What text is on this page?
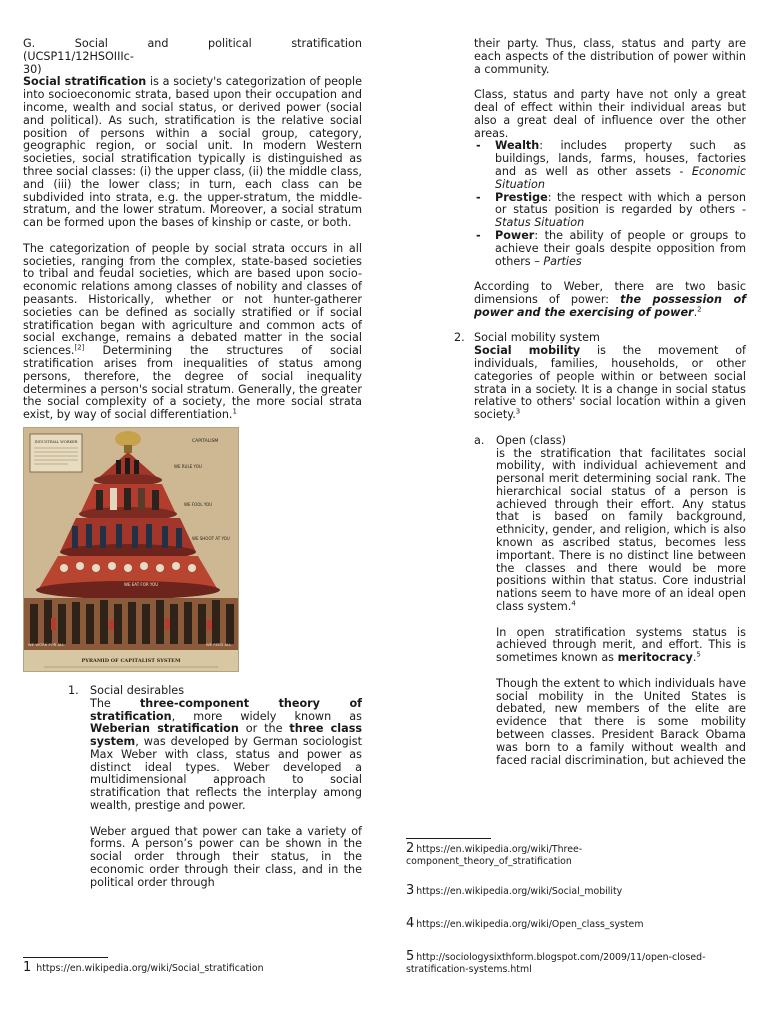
G.	Social	and	political	stratification

(UCSP11/12HSOIIIc-

30)

Social stratification is a society's categorization of people into socioeconomic strata, based upon their occupation and income, wealth and social status, or derived power (social and political). As such, stratification is the relative social position of persons within a social group, category, geographic region, or social unit. In modern Western societies, social stratification typically is distinguished as three social classes: (i) the upper class, (ii) the middle class, and (iii) the lower class; in turn, each class can be subdivided into strata, e.g. the upper-stratum, the middle-stratum, and the lower stratum. Moreover, a social stratum can be formed upon the bases of kinship or caste, or both.

The categorization of people by social strata occurs in all societies, ranging from the complex, state-based societies to tribal and feudal societies, which are based upon socio-economic relations among classes of nobility and classes of peasants. Historically, whether or not hunter-gatherer societies can be defined as socially stratified or if social stratification began with agriculture and common acts of social exchange, remains a debated matter in the social sciences.[2] Determining the structures of social stratification arises from inequalities of status among persons, therefore, the degree of social inequality determines a person's social stratum. Generally, the greater the social complexity of a society, the more social strata exist, by way of social differentiation.$^1$

INDUSTRIAL WORKER	CAPITALISM
WE RULE YOU
WE FOOL YOU
WE SHOOT AT YOU
WE EAT FOR YOU
WE WORK FOR ALL	WE FEED ALL
PYRAMID OF CAPITALIST SYSTEM
1. Social desirables

The three-component theory of stratification, more widely known as Weberian stratification or the three class system, was developed by German sociologist Max Weber with class, status and power as distinct ideal types. Weber developed a multidimensional approach to social stratification that reflects the interplay among wealth, prestige and power.

Weber argued that power can take a variety of forms. A person’s power can be shown in the social order through their status, in the economic order through their class, and in the political order through

1 https://en.wikipedia.org/wiki/Social_stratification

their party. Thus, class, status and party are each aspects of the distribution of power within a community.

Class, status and party have not only a great deal of effect within their individual areas but also a great deal of influence over the other areas.

- Wealth: includes property such as buildings, lands, farms, houses, factories and as well as other assets - Economic Situation
- Prestige: the respect with which a person or status position is regarded by others - Status Situation
- Power: the ability of people or groups to achieve their goals despite opposition from others – Parties

According to Weber, there are two basic dimensions of power: the possession of power and the exercising of power.$^2$

2. Social mobility system

Social mobility is the movement of individuals, families, households, or other categories of people within or between social strata in a society. It is a change in social status relative to others' social location within a given society.$^3$

a. Open (class)

is the stratification that facilitates social mobility, with individual achievement and personal merit determining social rank. The hierarchical social status of a person is achieved through their effort. Any status that is based on family background, ethnicity, gender, and religion, which is also known as ascribed status, becomes less important. There is no distinct line between the classes and there would be more positions within that status. Core industrial nations seem to have more of an ideal open class system.$^4$

In open stratification systems status is achieved through merit, and effort. This is sometimes known as meritocracy.$^5$

Though the extent to which individuals have social mobility in the United States is debated, new members of the elite are evidence that there is some mobility between classes. President Barack Obama was born to a family without wealth and faced racial discrimination, but achieved the

2 https://en.wikipedia.org/wiki/Three-
component_theory_of_stratification
3 https://en.wikipedia.org/wiki/Social_mobility
4 https://en.wikipedia.org/wiki/Open_class_system
5 http://sociologysixthform.blogspot.com/2009/11/open-closed-
stratification-systems.html
